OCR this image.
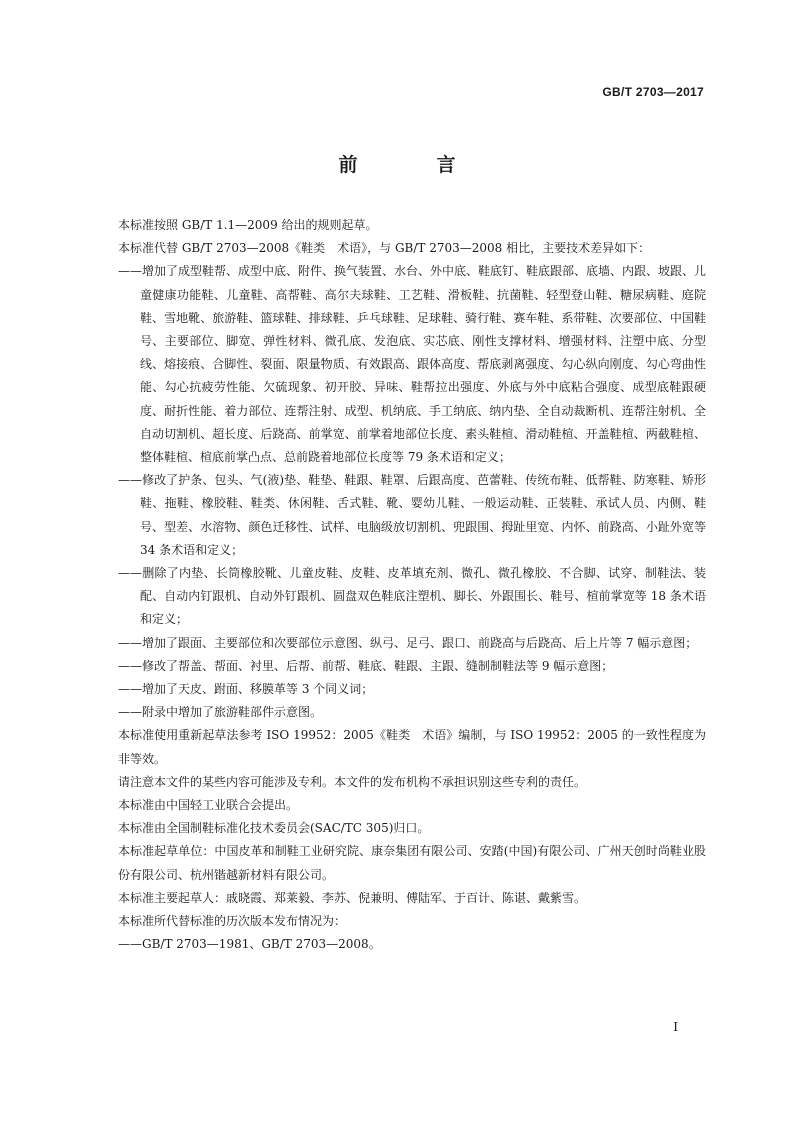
GB/T 2703—2017
前　言

本标准按照 GB/T 1.1—2009 给出的规则起草。

本标准代替 GB/T 2703—2008《鞋类　术语》，与 GB/T 2703—2008 相比，主要技术差异如下：

——增加了成型鞋帮、成型中底、附件、换气装置、水台、外中底、鞋底钉、鞋底跟部、底墙、内跟、坡跟、儿童健康功能鞋、儿童鞋、高帮鞋、高尔夫球鞋、工艺鞋、滑板鞋、抗菌鞋、轻型登山鞋、糖尿病鞋、庭院鞋、雪地靴、旅游鞋、篮球鞋、排球鞋、乒乓球鞋、足球鞋、骑行鞋、赛车鞋、系带鞋、次要部位、中国鞋号、主要部位、脚宽、弹性材料、微孔底、发泡底、实芯底、刚性支撑材料、增强材料、注塑中底、分型线、熔接痕、合脚性、裂面、限量物质、有效跟高、跟体高度、帮底剥离强度、勾心纵向刚度、勾心弯曲性能、勾心抗疲劳性能、欠硫现象、初开胶、异味、鞋帮拉出强度、外底与外中底粘合强度、成型底鞋跟硬度、耐折性能、着力部位、连帮注射、成型、机纳底、手工纳底、纳内垫、全自动裁断机、连帮注射机、全自动切割机、超长度、后跷高、前掌宽、前掌着地部位长度、素头鞋楦、滑动鞋楦、开盖鞋楦、两截鞋楦、整体鞋楦、楦底前掌凸点、总前跷着地部位长度等 79 条术语和定义；

——修改了护条、包头、气(液)垫、鞋垫、鞋跟、鞋罩、后跟高度、芭蕾鞋、传统布鞋、低帮鞋、防寒鞋、矫形鞋、拖鞋、橡胶鞋、鞋类、休闲鞋、舌式鞋、靴、婴幼儿鞋、一般运动鞋、正装鞋、承试人员、内侧、鞋号、型差、水溶物、颜色迁移性、试样、电脑级放切割机、兜跟围、拇趾里宽、内怀、前跷高、小趾外宽等 34 条术语和定义；

——删除了内垫、长筒橡胶靴、儿童皮鞋、皮鞋、皮革填充剂、微孔、微孔橡胶、不合脚、试穿、制鞋法、装配、自动内钉跟机、自动外钉跟机、圆盘双色鞋底注塑机、脚长、外跟围长、鞋号、楦前掌宽等 18 条术语和定义；

——增加了跟面、主要部位和次要部位示意图、纵弓、足弓、跟口、前跷高与后跷高、后上片等 7 幅示意图；

——修改了帮盖、帮面、衬里、后帮、前帮、鞋底、鞋跟、主跟、缝制制鞋法等 9 幅示意图；

——增加了天皮、跗面、移膜革等 3 个同义词；

——附录中增加了旅游鞋部件示意图。

本标准使用重新起草法参考 ISO 19952：2005《鞋类　术语》编制，与 ISO 19952：2005 的一致性程度为非等效。

请注意本文件的某些内容可能涉及专利。本文件的发布机构不承担识别这些专利的责任。

本标准由中国轻工业联合会提出。

本标准由全国制鞋标准化技术委员会(SAC/TC 305)归口。

本标准起草单位：中国皮革和制鞋工业研究院、康奈集团有限公司、安踏(中国)有限公司、广州天创时尚鞋业股份有限公司、杭州锴越新材料有限公司。

本标准主要起草人：戚晓霞、郑莱毅、李苏、倪兼明、傅陆军、于百计、陈谌、戴紫雪。

本标准所代替标准的历次版本发布情况为：

——GB/T 2703—1981、GB/T 2703—2008。

I
